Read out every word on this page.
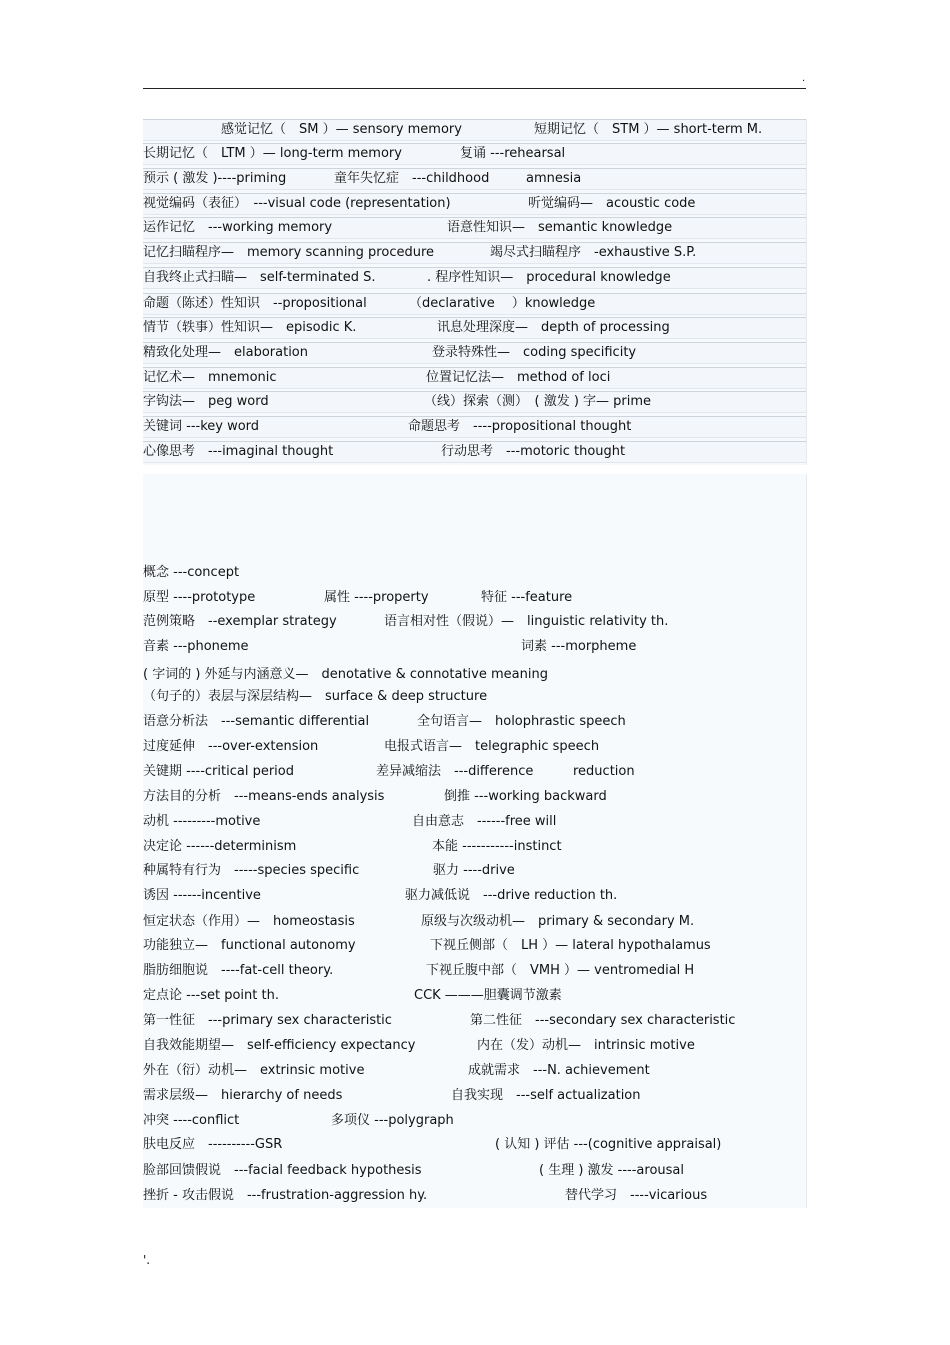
.
感觉记忆（　SM ）— sensory memory	短期记忆（　STM ）— short-term M.
长期记忆（　LTM ）— long-term memory	复诵 ---rehearsal
预示 ( 激发 )----priming	童年失忆症　---childhood	amnesia
视觉编码（表征）　---visual code (representation)	听觉编码—　acoustic code
运作记忆　---working memory	语意性知识—　semantic knowledge
记忆扫瞄程序—　memory scanning procedure	竭尽式扫瞄程序　-exhaustive S.P.
自我终止式扫瞄—　self-terminated S.	. 程序性知识—　procedural knowledge
命题（陈述）性知识　--propositional	（declarative　 ）knowledge
情节（轶事）性知识—　episodic K.	讯息处理深度—　depth of processing
精致化处理—　elaboration	登录特殊性—　coding specificity
记忆术—　mnemonic	位置记忆法—　method of loci
字钩法—　peg word	（线）探索（测）　( 激发 ) 字— prime
关键词 ---key word	命题思考　----propositional thought
心像思考　---imaginal thought	行动思考　---motoric thought
概念 ---concept
原型 ----prototype	属性 ----property	特征 ---feature
范例策略　--exemplar strategy	语言相对性（假说）—　linguistic relativity th.
音素 ---phoneme	词素 ---morpheme
( 字词的 ) 外延与内涵意义—　denotative & connotative meaning
（句子的）表层与深层结构—　surface & deep structure
语意分析法　---semantic differential	全句语言—　holophrastic speech
过度延伸　---over-extension	电报式语言—　telegraphic speech
关键期 ----critical period	差异减缩法　---difference	reduction
方法目的分析　---means-ends analysis	倒推 ---working backward
动机 ---------motive	自由意志　------free will
决定论 ------determinism	本能 -----------instinct
种属特有行为　-----species specific	驱力 ----drive
诱因 ------incentive	驱力减低说　---drive reduction th.
恒定状态（作用）—　homeostasis	原级与次级动机—　primary & secondary M.
功能独立—　functional autonomy	下视丘侧部（　LH ）— lateral hypothalamus
脂肪细胞说　----fat-cell theory.	下视丘腹中部（　VMH ）— ventromedial H
定点论 ---set point th.	CCK ———胆囊调节激素
第一性征　---primary sex characteristic	第二性征　---secondary sex characteristic
自我效能期望—　self-efficiency expectancy	内在（发）动机—　intrinsic motive
外在（衍）动机—　extrinsic motive	成就需求　---N. achievement
需求层级—　hierarchy of needs	自我实现　---self actualization
冲突 ----conflict	多项仪 ---polygraph
肤电反应　----------GSR	( 认知 ) 评估 ---(cognitive appraisal)
脸部回馈假说　---facial feedback hypothesis	( 生理 ) 激发 ----arousal
挫折 - 攻击假说　---frustration-aggression hy.	替代学习　----vicarious
'.
